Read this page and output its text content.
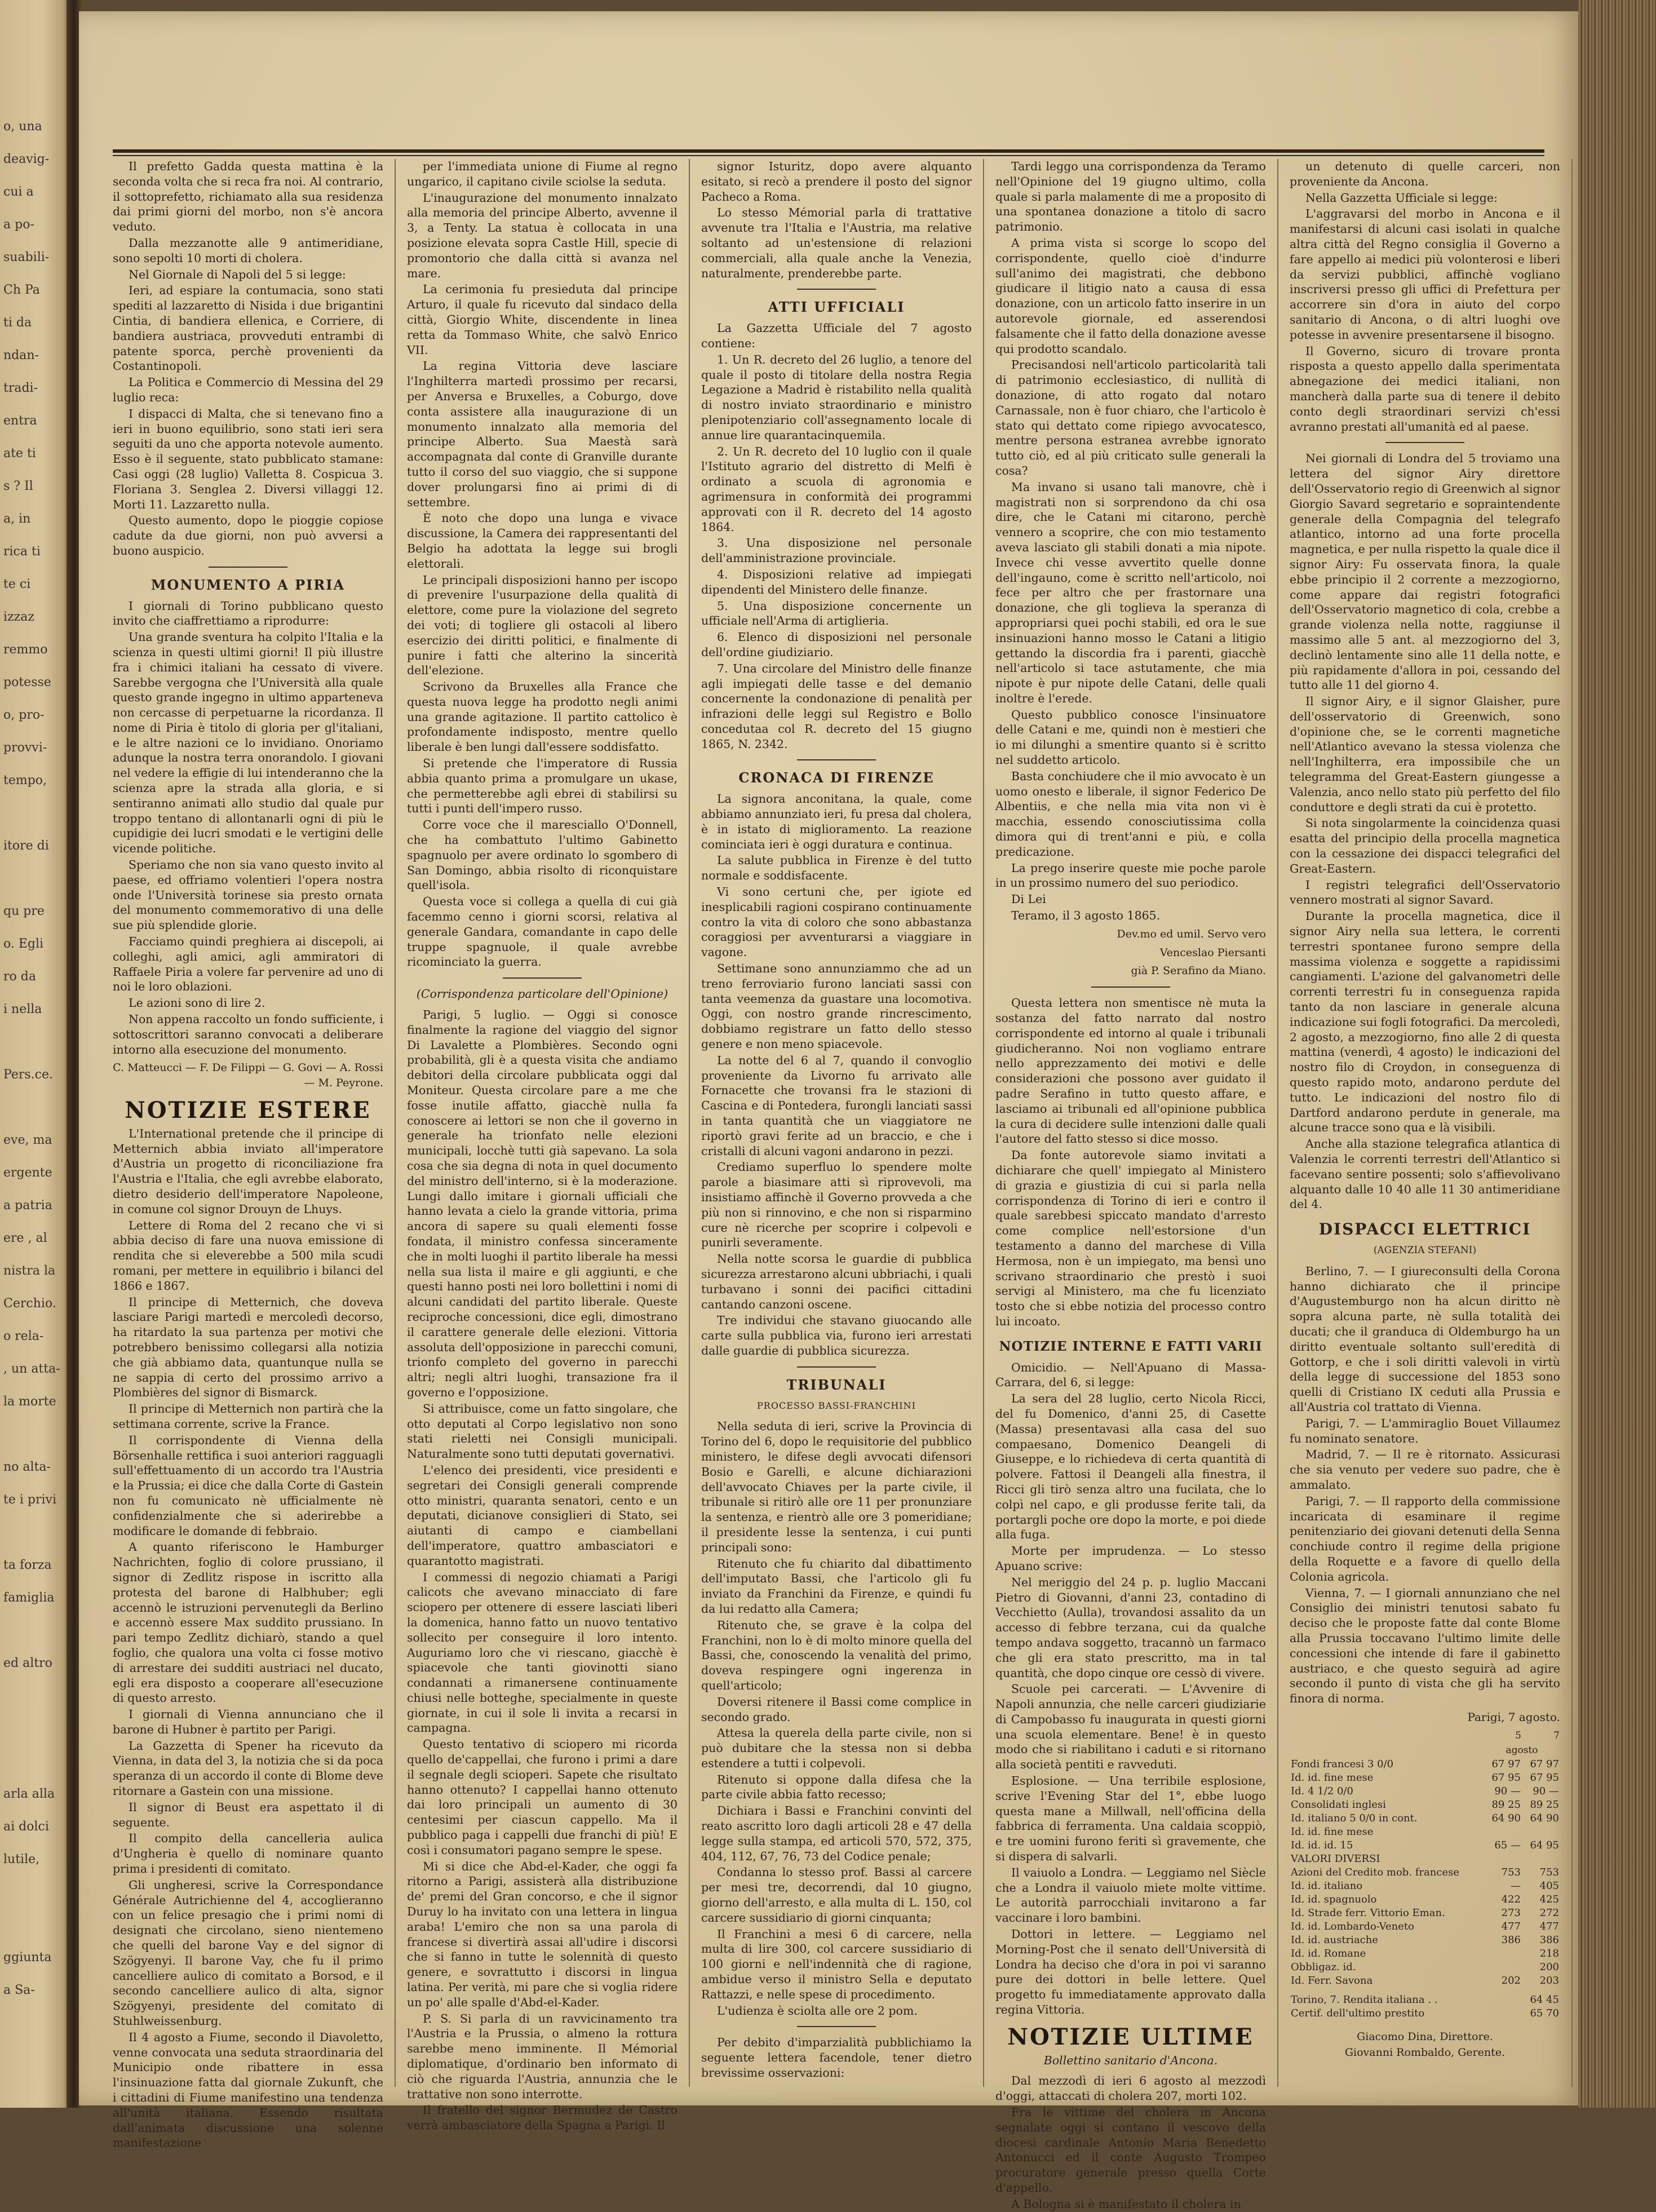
o, una
deavig-
cui a
a po-
suabili-
Ch Pa
ti da
ndan-
tradi-
entra
ate ti
s ? Il
a, in
rica ti
te ci
izzaz
remmo
potesse
o, pro-
provvi-
tempo,
itore di
qu pre
o. Egli
ro da
i nella
Pers.ce.
eve, ma
ergente
a patria
ere , al
nistra la
Cerchio.
o rela-
, un atta-
la morte
no alta-
te i privi
ta forza
famiglia
ed altro
arla alla
ai dolci
lutile,
ggiunta
a Sa-

Il prefetto Gadda questa mattina è la seconda volta che si reca fra noi. Al contrario, il sottoprefetto, richiamato alla sua residenza dai primi giorni del morbo, non s'è ancora veduto.

Dalla mezzanotte alle 9 antimeridiane, sono sepolti 10 morti di cholera.

Nel Giornale di Napoli del 5 si legge:

Ieri, ad espiare la contumacia, sono stati spediti al lazzaretto di Nisida i due brigantini Cintia, di bandiera ellenica, e Corriere, di bandiera austriaca, provveduti entrambi di patente sporca, perchè provenienti da Costantinopoli.

La Politica e Commercio di Messina del 29 luglio reca:

I dispacci di Malta, che si tenevano fino a ieri in buono equilibrio, sono stati ieri sera seguiti da uno che apporta notevole aumento. Esso è il seguente, stato pubblicato stamane: Casi oggi (28 luglio) Valletta 8. Cospicua 3. Floriana 3. Senglea 2. Diversi villaggi 12. Morti 11. Lazzaretto nulla.

Questo aumento, dopo le pioggie copiose cadute da due giorni, non può avversi a buono auspicio.

MONUMENTO A PIRIA

I giornali di Torino pubblicano questo invito che ciaffrettiamo a riprodurre:

Una grande sventura ha colpito l'Italia e la scienza in questi ultimi giorni! Il più illustre fra i chimici italiani ha cessato di vivere. Sarebbe vergogna che l'Università alla quale questo grande ingegno in ultimo apparteneva non cercasse di perpetuarne la ricordanza. Il nome di Piria è titolo di gloria per gl'italiani, e le altre nazioni ce lo invidiano. Onoriamo adunque la nostra terra onorandolo. I giovani nel vedere la effigie di lui intenderanno che la scienza apre la strada alla gloria, e si sentiranno animati allo studio dal quale pur troppo tentano di allontanarli ogni di più le cupidigie dei lucri smodati e le vertigini delle vicende politiche.

Speriamo che non sia vano questo invito al paese, ed offriamo volentieri l'opera nostra onde l'Università torinese sia presto ornata del monumento commemorativo di una delle sue più splendide glorie.

Facciamo quindi preghiera ai discepoli, ai colleghi, agli amici, agli ammiratori di Raffaele Piria a volere far pervenire ad uno di noi le loro oblazioni.

Le azioni sono di lire 2.

Non appena raccolto un fondo sufficiente, i sottoscrittori saranno convocati a deliberare intorno alla esecuzione del monumento.

C. Matteucci — F. De Filippi — G. Govi — A. Rossi — M. Peyrone.
NOTIZIE ESTERE

L'International pretende che il principe di Metternich abbia inviato all'imperatore d'Austria un progetto di riconciliazione fra l'Austria e l'Italia, che egli avrebbe elaborato, dietro desiderio dell'imperatore Napoleone, in comune col signor Drouyn de Lhuys.

Lettere di Roma del 2 recano che vi si abbia deciso di fare una nuova emissione di rendita che si eleverebbe a 500 mila scudi romani, per mettere in equilibrio i bilanci del 1866 e 1867.

Il principe di Metternich, che doveva lasciare Parigi martedì e mercoledì decorso, ha ritardato la sua partenza per motivi che potrebbero benissimo collegarsi alla notizia che già abbiamo data, quantunque nulla se ne sappia di certo del prossimo arrivo a Plombières del signor di Bismarck.

Il principe di Metternich non partirà che la settimana corrente, scrive la France.

Il corrispondente di Vienna della Börsenhalle rettifica i suoi anteriori ragguagli sull'effettuamento di un accordo tra l'Austria e la Prussia; ei dice che dalla Corte di Gastein non fu comunicato nè ufficialmente nè confidenzialmente che si aderirebbe a modificare le domande di febbraio.

A quanto riferiscono le Hamburger Nachrichten, foglio di colore prussiano, il signor di Zedlitz rispose in iscritto alla protesta del barone di Halbhuber; egli accennò le istruzioni pervenutegli da Berlino e accennò essere Max suddito prussiano. In pari tempo Zedlitz dichiarò, stando a quel foglio, che qualora una volta ci fosse motivo di arrestare dei sudditi austriaci nel ducato, egli era disposto a cooperare all'esecuzione di questo arresto.

I giornali di Vienna annunciano che il barone di Hubner è partito per Parigi.

La Gazzetta di Spener ha ricevuto da Vienna, in data del 3, la notizia che si da poca speranza di un accordo il conte di Blome deve ritornare a Gastein con una missione.

Il signor di Beust era aspettato il di seguente.

Il compito della cancelleria aulica d'Ungheria è quello di nominare quanto prima i presidenti di comitato.

Gli ungheresi, scrive la Correspondance Générale Autrichienne del 4, accoglieranno con un felice presagio che i primi nomi di designati che circolano, sieno nientemeno che quelli del barone Vay e del signor di Szögyenyi. Il barone Vay, che fu il primo cancelliere aulico di comitato a Borsod, e il secondo cancelliere aulico di alta, signor Szögyenyi, presidente del comitato di Stuhlweissenburg.

Il 4 agosto a Fiume, secondo il Diavoletto, venne convocata una seduta straordinaria del Municipio onde ribattere in essa l'insinuazione fatta dal giornale Zukunft, che i cittadini di Fiume manifestino una tendenza all'unità italiana. Essendo risultata dall'animata discussione una solenne manifestazione

per l'immediata unione di Fiume al regno ungarico, il capitano civile sciolse la seduta.

L'inaugurazione del monumento innalzato alla memoria del principe Alberto, avvenne il 3, a Tenty. La statua è collocata in una posizione elevata sopra Castle Hill, specie di promontorio che dalla città si avanza nel mare.

La cerimonia fu presieduta dal principe Arturo, il quale fu ricevuto dal sindaco della città, Giorgio White, discendente in linea retta da Tommaso White, che salvò Enrico VII.

La regina Vittoria deve lasciare l'Inghilterra martedì prossimo per recarsi, per Anversa e Bruxelles, a Coburgo, dove conta assistere alla inaugurazione di un monumento innalzato alla memoria del principe Alberto. Sua Maestà sarà accompagnata dal conte di Granville durante tutto il corso del suo viaggio, che si suppone dover prolungarsi fino ai primi di di settembre.

È noto che dopo una lunga e vivace discussione, la Camera dei rappresentanti del Belgio ha adottata la legge sui brogli elettorali.

Le principali disposizioni hanno per iscopo di prevenire l'usurpazione della qualità di elettore, come pure la violazione del segreto dei voti; di togliere gli ostacoli al libero esercizio dei diritti politici, e finalmente di punire i fatti che alterino la sincerità dell'elezione.

Scrivono da Bruxelles alla France che questa nuova legge ha prodotto negli animi una grande agitazione. Il partito cattolico è profondamente indisposto, mentre quello liberale è ben lungi dall'essere soddisfatto.

Si pretende che l'imperatore di Russia abbia quanto prima a promulgare un ukase, che permetterebbe agli ebrei di stabilirsi su tutti i punti dell'impero russo.

Corre voce che il maresciallo O'Donnell, che ha combattuto l'ultimo Gabinetto spagnuolo per avere ordinato lo sgombero di San Domingo, abbia risolto di riconquistare quell'isola.

Questa voce si collega a quella di cui già facemmo cenno i giorni scorsi, relativa al generale Gandara, comandante in capo delle truppe spagnuole, il quale avrebbe ricominciato la guerra.

(Corrispondenza particolare dell'Opinione)

Parigi, 5 luglio. — Oggi si conosce finalmente la ragione del viaggio del signor Di Lavalette a Plombières. Secondo ogni probabilità, gli è a questa visita che andiamo debitori della circolare pubblicata oggi dal Moniteur. Questa circolare pare a me che fosse inutile affatto, giacchè nulla fa conoscere ai lettori se non che il governo in generale ha trionfato nelle elezioni municipali, locchè tutti già sapevano. La sola cosa che sia degna di nota in quel documento del ministro dell'interno, si è la moderazione. Lungi dallo imitare i giornali ufficiali che hanno levata a cielo la grande vittoria, prima ancora di sapere su quali elementi fosse fondata, il ministro confessa sinceramente che in molti luoghi il partito liberale ha messi nella sua lista il maire e gli aggiunti, e che questi hanno posti nei loro bollettini i nomi di alcuni candidati del partito liberale. Queste reciproche concessioni, dice egli, dimostrano il carattere generale delle elezioni. Vittoria assoluta dell'opposizione in parecchi comuni, trionfo completo del governo in parecchi altri; negli altri luoghi, transazione fra il governo e l'opposizione.

Si attribuisce, come un fatto singolare, che otto deputati al Corpo legislativo non sono stati rieletti nei Consigli municipali. Naturalmente sono tutti deputati governativi.

L'elenco dei presidenti, vice presidenti e segretari dei Consigli generali comprende otto ministri, quaranta senatori, cento e un deputati, dicianove consiglieri di Stato, sei aiutanti di campo e ciambellani dell'imperatore, quattro ambasciatori e quarantotto magistrati.

I commessi di negozio chiamati a Parigi calicots che avevano minacciato di fare sciopero per ottenere di essere lasciati liberi la domenica, hanno fatto un nuovo tentativo sollecito per conseguire il loro intento. Auguriamo loro che vi riescano, giacchè è spiacevole che tanti giovinotti siano condannati a rimanersene continuamente chiusi nelle botteghe, specialmente in queste giornate, in cui il sole li invita a recarsi in campagna.

Questo tentativo di sciopero mi ricorda quello de'cappellai, che furono i primi a dare il segnale degli scioperi. Sapete che risultato hanno ottenuto? I cappellai hanno ottenuto dai loro principali un aumento di 30 centesimi per ciascun cappello. Ma il pubblico paga i cappelli due franchi di più! E così i consumatori pagano sempre le spese.

Mi si dice che Abd-el-Kader, che oggi fa ritorno a Parigi, assisterà alla distribuzione de' premi del Gran concorso, e che il signor Duruy lo ha invitato con una lettera in lingua araba! L'emiro che non sa una parola di francese si divertirà assai all'udire i discorsi che si fanno in tutte le solennità di questo genere, e sovrattutto i discorsi in lingua latina. Per verità, mi pare che si voglia ridere un po' alle spalle d'Abd-el-Kader.

P. S. Si parla di un ravvicinamento tra l'Austria e la Prussia, o almeno la rottura sarebbe meno imminente. Il Mémorial diplomatique, d'ordinario ben informato di ciò che riguarda l'Austria, annunzia che le trattative non sono interrotte.

Il fratello del signor Bermudez de Castro verrà ambasciatore della Spagna a Parigi. Il

signor Isturitz, dopo avere alquanto esitato, si recò a prendere il posto del signor Pacheco a Roma.

Lo stesso Mémorial parla di trattative avvenute tra l'Italia e l'Austria, ma relative soltanto ad un'estensione di relazioni commerciali, alla quale anche la Venezia, naturalmente, prenderebbe parte.

ATTI UFFICIALI

La Gazzetta Ufficiale del 7 agosto contiene:

1. Un R. decreto del 26 luglio, a tenore del quale il posto di titolare della nostra Regia Legazione a Madrid è ristabilito nella qualità di nostro inviato straordinario e ministro plenipotenziario coll'assegnamento locale di annue lire quarantacinquemila.

2. Un R. decreto del 10 luglio con il quale l'Istituto agrario del distretto di Melfi è ordinato a scuola di agronomia e agrimensura in conformità dei programmi approvati con il R. decreto del 14 agosto 1864.

3. Una disposizione nel personale dell'amministrazione provinciale.

4. Disposizioni relative ad impiegati dipendenti del Ministero delle finanze.

5. Una disposizione concernente un ufficiale nell'Arma di artiglieria.

6. Elenco di disposizioni nel personale dell'ordine giudiziario.

7. Una circolare del Ministro delle finanze agli impiegati delle tasse e del demanio concernente la condonazione di penalità per infrazioni delle leggi sul Registro e Bollo concedutaa col R. decreto del 15 giugno 1865, N. 2342.

CRONACA DI FIRENZE

La signora anconitana, la quale, come abbiamo annunziato ieri, fu presa dal cholera, è in istato di miglioramento. La reazione cominciata ieri è oggi duratura e continua.

La salute pubblica in Firenze è del tutto normale e soddisfacente.

Vi sono certuni che, per igiote ed inesplicabili ragioni cospirano continuamente contro la vita di coloro che sono abbastanza coraggiosi per avventurarsi a viaggiare in vagone.

Settimane sono annunziammo che ad un treno ferroviario furono lanciati sassi con tanta veemenza da guastare una locomotiva. Oggi, con nostro grande rincrescimento, dobbiamo registrare un fatto dello stesso genere e non meno spiacevole.

La notte del 6 al 7, quando il convoglio proveniente da Livorno fu arrivato alle Fornacette che trovansi fra le stazioni di Cascina e di Pontedera, furongli lanciati sassi in tanta quantità che un viaggiatore ne riportò gravi ferite ad un braccio, e che i cristalli di alcuni vagoni andarono in pezzi.

Crediamo superfluo lo spendere molte parole a biasimare atti sì riprovevoli, ma insistiamo affinchè il Governo provveda a che più non si rinnovino, e che non si risparmino cure nè ricerche per scoprire i colpevoli e punirli severamente.

Nella notte scorsa le guardie di pubblica sicurezza arrestarono alcuni ubbriachi, i quali turbavano i sonni dei pacifici cittadini cantando canzoni oscene.

Tre individui che stavano giuocando alle carte sulla pubblica via, furono ieri arrestati dalle guardie di pubblica sicurezza.

TRIBUNALI
PROCESSO BASSI-FRANCHINI

Nella seduta di ieri, scrive la Provincia di Torino del 6, dopo le requisitorie del pubblico ministero, le difese degli avvocati difensori Bosio e Garelli, e alcune dichiarazioni dell'avvocato Chiaves per la parte civile, il tribunale si ritirò alle ore 11 per pronunziare la sentenza, e rientrò alle ore 3 pomeridiane; il presidente lesse la sentenza, i cui punti principali sono:

Ritenuto che fu chiarito dal dibattimento dell'imputato Bassi, che l'articolo gli fu inviato da Franchini da Firenze, e quindi fu da lui redatto alla Camera;

Ritenuto che, se grave è la colpa del Franchini, non lo è di molto minore quella del Bassi, che, conoscendo la venalità del primo, doveva respingere ogni ingerenza in quell'articolo;

Doversi ritenere il Bassi come complice in secondo grado.

Attesa la querela della parte civile, non si può dubitare che la stessa non si debba estendere a tutti i colpevoli.

Ritenuto si oppone dalla difesa che la parte civile abbia fatto recesso;

Dichiara i Bassi e Franchini convinti del reato ascritto loro dagli articoli 28 e 47 della legge sulla stampa, ed articoli 570, 572, 375, 404, 112, 67, 76, 73 del Codice penale;

Condanna lo stesso prof. Bassi al carcere per mesi tre, decorrendi, dal 10 giugno, giorno dell'arresto, e alla multa di L. 150, col carcere sussidiario di giorni cinquanta;

Il Franchini a mesi 6 di carcere, nella multa di lire 300, col carcere sussidiario di 100 giorni e nell'indennità che di ragione, ambidue verso il ministro Sella e deputato Rattazzi, e nelle spese di procedimento.

L'udienza è sciolta alle ore 2 pom.

Per debito d'imparzialità pubblichiamo la seguente lettera facendole, tener dietro brevissime osservazioni:

Tardi leggo una corrispondenza da Teramo nell'Opinione del 19 giugno ultimo, colla quale si parla malamente di me a proposito di una spontanea donazione a titolo di sacro patrimonio.

A prima vista si scorge lo scopo del corrispondente, quello cioè d'indurre sull'animo dei magistrati, che debbono giudicare il litigio nato a causa di essa donazione, con un articolo fatto inserire in un autorevole giornale, ed asserendosi falsamente che il fatto della donazione avesse qui prodotto scandalo.

Precisandosi nell'articolo particolarità tali di patrimonio ecclesiastico, di nullità di donazione, di atto rogato dal notaro Carnassale, non è fuor chiaro, che l'articolo è stato qui dettato come ripiego avvocatesco, mentre persona estranea avrebbe ignorato tutto ciò, ed al più criticato sulle generali la cosa?

Ma invano si usano tali manovre, chè i magistrati non si sorprendono da chi osa dire, che le Catani mi citarono, perchè vennero a scoprire, che con mio testamento aveva lasciato gli stabili donati a mia nipote. Invece chi vesse avvertito quelle donne dell'ingauno, come è scritto nell'articolo, noi fece per altro che per frastornare una donazione, che gli toglieva la speranza di appropriarsi quei pochi stabili, ed ora le sue insinuazioni hanno mosso le Catani a litigio gettando la discordia fra i parenti, giacchè nell'articolo si tace astutamente, che mia nipote è pur nipote delle Catani, delle quali inoltre è l'erede.

Questo pubblico conosce l'insinuatore delle Catani e me, quindi non è mestieri che io mi dilunghi a smentire quanto si è scritto nel suddetto articolo.

Basta conchiudere che il mio avvocato è un uomo onesto e liberale, il signor Federico De Albentiis, e che nella mia vita non vi è macchia, essendo conosciutissima colla dimora qui di trent'anni e più, e colla predicazione.

La prego inserire queste mie poche parole in un prossimo numero del suo periodico.

Di Lei

Teramo, il 3 agosto 1865.

Dev.mo ed umil. Servo vero
Venceslao Piersanti
già P. Serafino da Miano.

Questa lettera non smentisce nè muta la sostanza del fatto narrato dal nostro corrispondente ed intorno al quale i tribunali giudicheranno. Noi non vogliamo entrare nello apprezzamento dei motivi e delle considerazioni che possono aver guidato il padre Serafino in tutto questo affare, e lasciamo ai tribunali ed all'opinione pubblica la cura di decidere sulle intenzioni dalle quali l'autore del fatto stesso si dice mosso.

Da fonte autorevole siamo invitati a dichiarare che quell' impiegato al Ministero di grazia e giustizia di cui si parla nella corrispondenza di Torino di ieri e contro il quale sarebbesi spiccato mandato d'arresto come complice nell'estorsione d'un testamento a danno del marchese di Villa Hermosa, non è un impiegato, ma bensì uno scrivano straordinario che prestò i suoi servigi al Ministero, ma che fu licenziato tosto che si ebbe notizia del processo contro lui incoato.

NOTIZIE INTERNE E FATTI VARII

Omicidio. — Nell'Apuano di Massa-Carrara, del 6, si legge:

La sera del 28 luglio, certo Nicola Ricci, del fu Domenico, d'anni 25, di Casette (Massa) presentavasi alla casa del suo compaesano, Domenico Deangeli di Giuseppe, e lo richiedeva di certa quantità di polvere. Fattosi il Deangeli alla finestra, il Ricci gli tirò senza altro una fucilata, che lo colpì nel capo, e gli produsse ferite tali, da portargli poche ore dopo la morte, e poi diede alla fuga.

Morte per imprudenza. — Lo stesso Apuano scrive:

Nel meriggio del 24 p. p. luglio Maccani Pietro di Giovanni, d'anni 23, contadino di Vecchietto (Aulla), trovandosi assalito da un accesso di febbre terzana, cui da qualche tempo andava soggetto, tracannò un farmaco che gli era stato prescritto, ma in tal quantità, che dopo cinque ore cessò di vivere.

Scuole pei carcerati. — L'Avvenire di Napoli annunzia, che nelle carceri giudiziarie di Campobasso fu inaugurata in questi giorni una scuola elementare. Bene! è in questo modo che si riabilitano i caduti e si ritornano alla società pentiti e ravveduti.

Esplosione. — Una terribile esplosione, scrive l'Evening Star del 1°, ebbe luogo questa mane a Millwall, nell'officina della fabbrica di ferramenta. Una caldaia scoppiò, e tre uomini furono feriti sì gravemente, che si dispera di salvarli.

Il vaiuolo a Londra. — Leggiamo nel Siècle che a Londra il vaiuolo miete molte vittime. Le autorità parrocchiali invitarono a far vaccinare i loro bambini.

Dottori in lettere. — Leggiamo nel Morning-Post che il senato dell'Università di Londra ha deciso che d'ora in poi vi saranno pure dei dottori in belle lettere. Quel progetto fu immediatamente approvato dalla regina Vittoria.

NOTIZIE ULTIME
Bollettino sanitario d'Ancona.

Dal mezzodì di ieri 6 agosto al mezzodì d'oggi, attaccati di cholera 207, morti 102.

Fra le vittime del cholera in Ancona segnalate oggi si contano il vescovo della diocesi cardinale Antonio Maria Benedetto Antonucci ed il conte Augusto Trompeo procuratore generale presso quella Corte d'appello.

A Bologna si è manifestato il cholera in

un detenuto di quelle carceri, non proveniente da Ancona.

Nella Gazzetta Ufficiale si legge:

L'aggravarsi del morbo in Ancona e il manifestarsi di alcuni casi isolati in qualche altra città del Regno consiglia il Governo a fare appello ai medici più volonterosi e liberi da servizi pubblici, affinchè vogliano inscriversi presso gli uffici di Prefettura per accorrere sin d'ora in aiuto del corpo sanitario di Ancona, o di altri luoghi ove potesse in avvenire presentarsene il bisogno.

Il Governo, sicuro di trovare pronta risposta a questo appello dalla sperimentata abnegazione dei medici italiani, non mancherà dalla parte sua di tenere il debito conto degli straordinari servizi ch'essi avranno prestati all'umanità ed al paese.

Nei giornali di Londra del 5 troviamo una lettera del signor Airy direttore dell'Osservatorio regio di Greenwich al signor Giorgio Savard segretario e sopraintendente generale della Compagnia del telegrafo atlantico, intorno ad una forte procella magnetica, e per nulla rispetto la quale dice il signor Airy: Fu osservata finora, la quale ebbe principio il 2 corrente a mezzogiorno, come appare dai registri fotografici dell'Osservatorio magnetico di cola, crebbe a grande violenza nella notte, raggiunse il massimo alle 5 ant. al mezzogiorno del 3, declinò lentamente sino alle 11 della notte, e più rapidamente d'allora in poi, cessando del tutto alle 11 del giorno 4.

Il signor Airy, e il signor Glaisher, pure dell'osservatorio di Greenwich, sono d'opinione che, se le correnti magnetiche nell'Atlantico avevano la stessa violenza che nell'Inghilterra, era impossibile che un telegramma del Great-Eastern giungesse a Valenzia, anco nello stato più perfetto del filo conduttore e degli strati da cui è protetto.

Si nota singolarmente la coincidenza quasi esatta del principio della procella magnetica con la cessazione dei dispacci telegrafici del Great-Eastern.

I registri telegrafici dell'Osservatorio vennero mostrati al signor Savard.

Durante la procella magnetica, dice il signor Airy nella sua lettera, le correnti terrestri spontanee furono sempre della massima violenza e soggette a rapidissimi cangiamenti. L'azione del galvanometri delle correnti terrestri fu in conseguenza rapida tanto da non lasciare in generale alcuna indicazione sui fogli fotografici. Da mercoledì, 2 agosto, a mezzogiorno, fino alle 2 di questa mattina (venerdì, 4 agosto) le indicazioni del nostro filo di Croydon, in conseguenza di questo rapido moto, andarono perdute del tutto. Le indicazioni del nostro filo di Dartford andarono perdute in generale, ma alcune tracce sono qua e là visibili.

Anche alla stazione telegrafica atlantica di Valenzia le correnti terrestri dell'Atlantico si facevano sentire possenti; solo s'affievolivano alquanto dalle 10 40 alle 11 30 antimeridiane del 4.

DISPACCI ELETTRICI
(AGENZIA STEFANI)

Berlino, 7. — I giureconsulti della Corona hanno dichiarato che il principe d'Augustemburgo non ha alcun diritto nè sopra alcuna parte, nè sulla totalità dei ducati; che il granduca di Oldemburgo ha un diritto eventuale soltanto sull'eredità di Gottorp, e che i soli diritti valevoli in virtù della legge di successione del 1853 sono quelli di Cristiano IX ceduti alla Prussia e all'Austria col trattato di Vienna.

Parigi, 7. — L'ammiraglio Bouet Villaumez fu nominato senatore.

Madrid, 7. — Il re è ritornato. Assicurasi che sia venuto per vedere suo padre, che è ammalato.

Parigi, 7. — Il rapporto della commissione incaricata di esaminare il regime penitenziario dei giovani detenuti della Senna conchiude contro il regime della prigione della Roquette e a favore di quello della Colonia agricola.

Vienna, 7. — I giornali annunziano che nel Consiglio dei ministri tenutosi sabato fu deciso che le proposte fatte dal conte Blome alla Prussia toccavano l'ultimo limite delle concessioni che intende di fare il gabinetto austriaco, e che questo seguirà ad agire secondo il punto di vista che gli ha servito finora di norma.

Parigi, 7 agosto.
	5	7
	agosto	
Fondi francesi 3 0/0	67 97	67 97
Id. id. fine mese	67 95	67 95
Id. 4 1/2 0/0	90 —	90 —
Consolidati inglesi	89 25	89 25
Id. italiano 5 0/0 in cont.	64 90	64 90
Id. id. fine mese		
Id. id. id. 15	65 —	64 95
VALORI DIVERSI		
Azioni del Credito mob. francese	753	753
Id. id. italiano	—	405
Id. id. spagnuolo	422	425
Id. Strade ferr. Vittorio Eman.	273	272
Id. id. Lombardo-Veneto	477	477
Id. id. austriache	386	386
Id. id. Romane		218
Obbligaz. id.		200
Id. Ferr. Savona	202	203
Torino, 7. Rendita italiana . .	64 45
Certif. dell'ultimo prestito	65 70
Giacomo Dina, Direttore.
Giovanni Rombaldo, Gerente.
